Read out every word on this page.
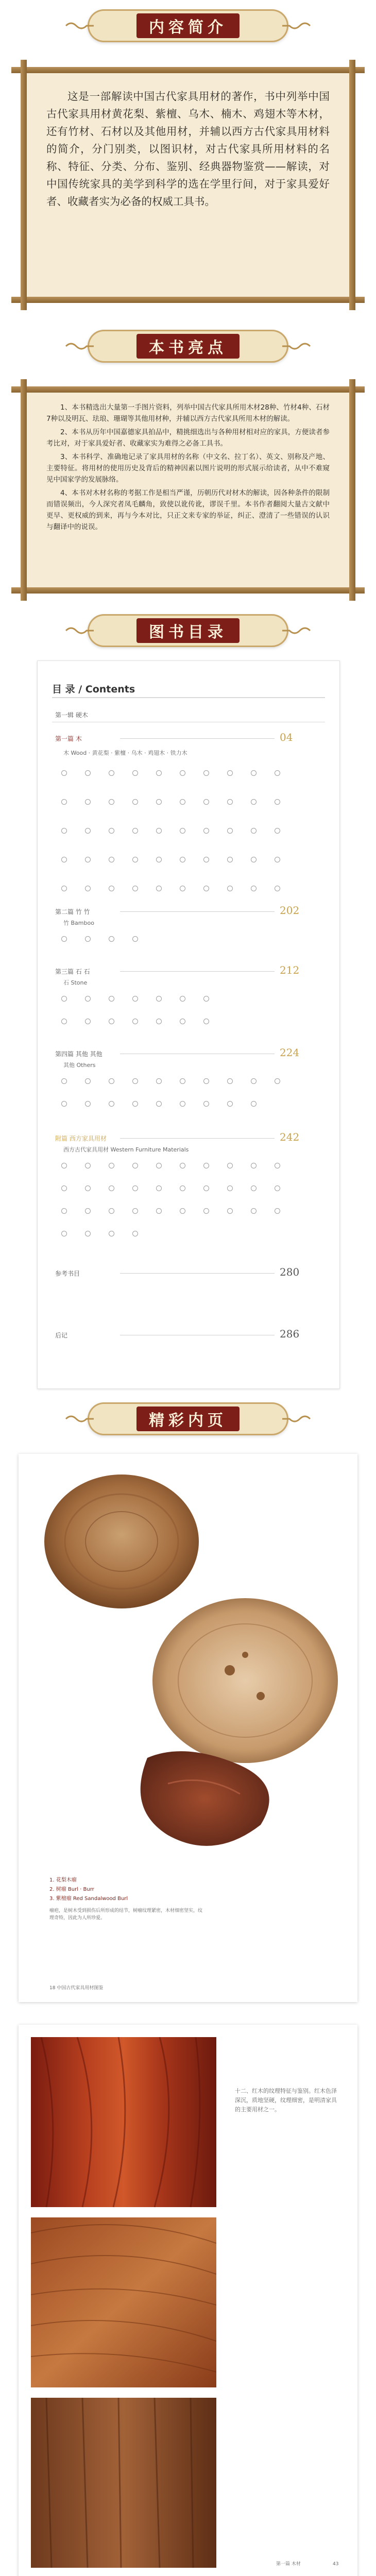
内容简介

这是一部解读中国古代家具用材的著作，书中列举中国古代家具用材黄花梨、紫檀、乌木、楠木、鸡翅木等木材，还有竹材、石材以及其他用材，并辅以西方古代家具用材料的简介，分门别类，以图识材，对古代家具所用材料的名称、特征、分类、分布、鉴别、经典器物鉴赏——解读，对中国传统家具的美学到科学的选在学里行间，对于家具爱好者、收藏者实为必备的权威工具书。

本书亮点

1、本书精选出大量第一手图片资料，列举中国古代家具所用木材28种、竹材4种、石材7种以及明瓦、珐琅、珊瑚等其他用材种，并辅以西方古代家具所用木材的解读。

2、本书从历年中国嘉德家具拍品中，精挑细选出与各种用材相对应的家具，方便读者参考比对，对于家具爱好者、收藏家实为难得之必备工具书。

3、本书科学、准确地记录了家具用材的名称（中文名、拉丁名）、英文、别称及产地、主要特征。将用材的使用历史及背后的精神因素以图片说明的形式展示给读者，从中不难窥见中国家学的发展脉络。

4、本书对木材名称的考据工作是相当严谨，历朝历代对材木的解读，因各种条件的限制而错误频出，今人深究者凤毛麟角，致使以讹传讹，谬误千里。本书作者翻阅大量古文献中更早、更权威的到来，再与今本对比，只正文来专家的举证，纠正、澄清了一些错误的认识与翻译中的说误。

图书目录
目 录 / Contents
第一辑 硬木
第一篇 木	04
木 Wood · 黄花梨 · 紫檀 · 乌木 · 鸡翅木 · 铁力木
第二篇 竹 竹	202
竹 Bamboo
第三篇 石 石	212
石 Stone
第四篇 其他 其他	224
其他 Others
附篇 西方家具用材	242
西方古代家具用材 Western Furniture Materials
参考书目	280
后记	286
精彩内页
1. 花梨木瘤
2. 树瘤 Burl · Burr
3. 紫檀瘤 Red Sandalwood Burl
瘤疤，是树木受到损伤后所形成的结节，树瘤纹理紧密，木材细密坚实，纹理奇特，因此为人所珍爱。
18 中国古代家具用材图鉴
十二、红木的纹理特征与鉴别。红木色泽深沉，质地坚硬，纹理细密，是明清家具的主要用材之一。
第一篇 木材	43
